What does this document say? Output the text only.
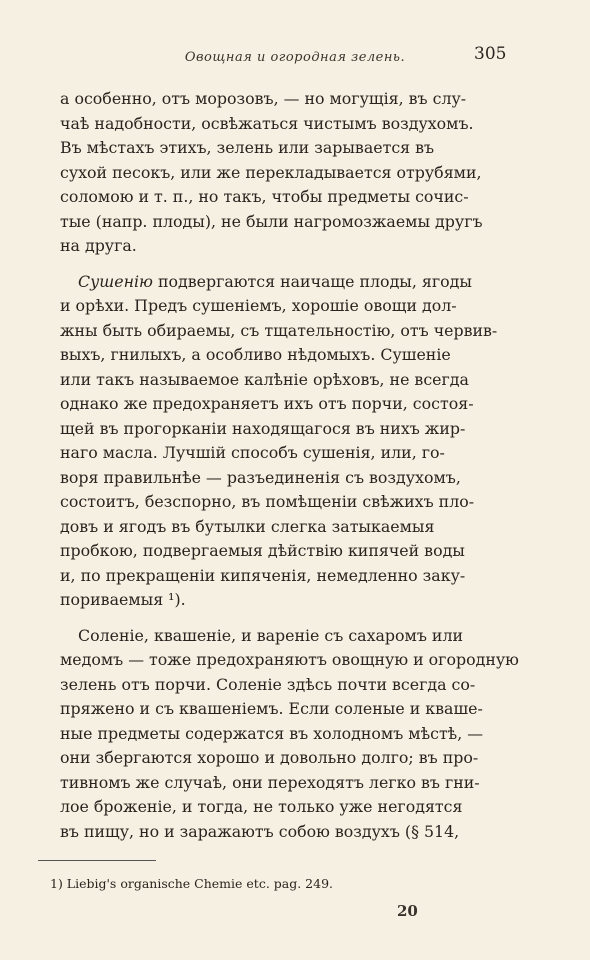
Овощная и огородная зелень.	305

а особенно, отъ морозовъ, — но могущія, въ слу-

чаѣ надобности, освѣжаться чистымъ воздухомъ.

Въ мѣстахъ этихъ, зелень или зарывается въ

сухой песокъ, или же перекладывается отрубями,

соломою и т. п., но такъ, чтобы предметы сочис-

тые (напр. плоды), не были нагромозжаемы другъ

на друга.

Сушенію подвергаются наичаще плоды, ягоды

и орѣхи. Предъ сушеніемъ, хорошіе овощи дол-

жны быть обираемы, съ тщательностію, отъ червив-

выхъ, гнилыхъ, а особливо нѣдомыхъ. Сушеніе

или такъ называемое калѣніе орѣховъ, не всегда

однако же предохраняетъ ихъ отъ порчи, состоя-

щей въ прогорканіи находящагося въ нихъ жир-

наго масла. Лучшій способъ сушенія, или, го-

воря правильнѣе — разъединенія съ воздухомъ,

состоитъ, безспорно, въ помѣщеніи свѣжихъ пло-

довъ и ягодъ въ бутылки слегка затыкаемыя

пробкою, подвергаемыя дѣйствію кипячей воды

и, по прекращеніи кипяченія, немедленно заку-

пориваемыя ¹).

Соленіе, квашеніе, и вареніе съ сахаромъ или

медомъ — тоже предохраняютъ овощную и огородную

зелень отъ порчи. Соленіе здѣсь почти всегда со-

пряжено и съ квашеніемъ. Если соленые и кваше-

ные предметы содержатся въ холодномъ мѣстѣ, —

они збергаются хорошо и довольно долго; въ про-

тивномъ же случаѣ, они переходятъ легко въ гни-

лое броженіе, и тогда, не только уже негодятся

въ пищу, но и заражаютъ собою воздухъ (§ 514,

1) Liebig's organische Chemie etc. pag. 249.
20
